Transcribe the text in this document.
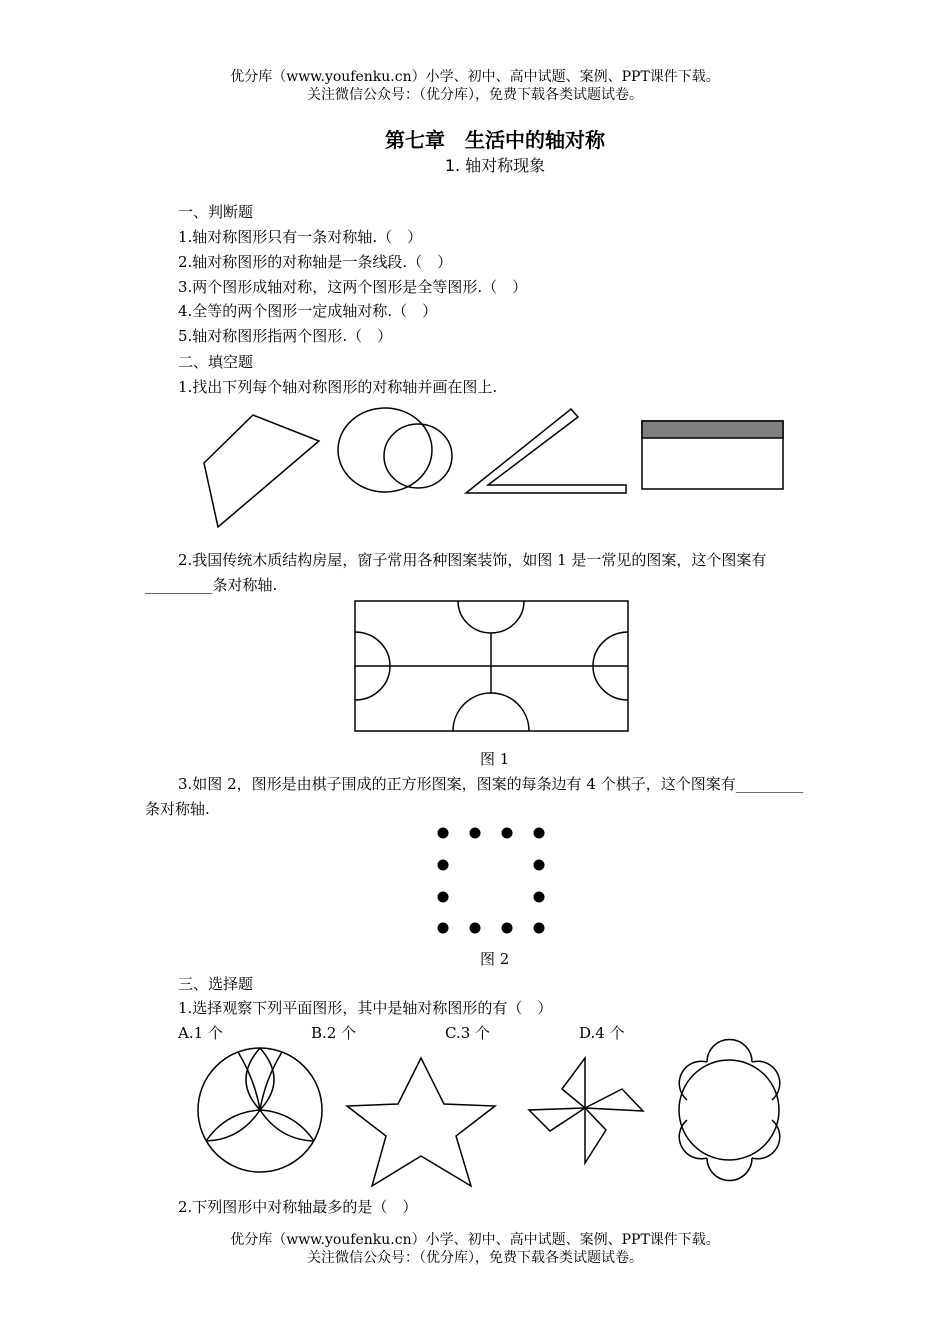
优分库（www.youfenku.cn）小学、初中、高中试题、案例、PPT课件下载。
关注微信公众号：（优分库），免费下载各类试题试卷。
第七章　生活中的轴对称
1. 轴对称现象
一、判断题
1.轴对称图形只有一条对称轴.（　）
2.轴对称图形的对称轴是一条线段.（　）
3.两个图形成轴对称，这两个图形是全等图形.（　）
4.全等的两个图形一定成轴对称.（　）
5.轴对称图形指两个图形.（　）
二、填空题
1.找出下列每个轴对称图形的对称轴并画在图上.
2.我国传统木质结构房屋，窗子常用各种图案装饰，如图 1 是一常见的图案，这个图案有_________条对称轴.
图 1
3.如图 2，图形是由棋子围成的正方形图案，图案的每条边有 4 个棋子，这个图案有_________条对称轴.
图 2
三、选择题
1.选择观察下列平面图形，其中是轴对称图形的有（　）
A.1 个	B.2 个	C.3 个	D.4 个
2.下列图形中对称轴最多的是（　）
优分库（www.youfenku.cn）小学、初中、高中试题、案例、PPT课件下载。
关注微信公众号：（优分库），免费下载各类试题试卷。
